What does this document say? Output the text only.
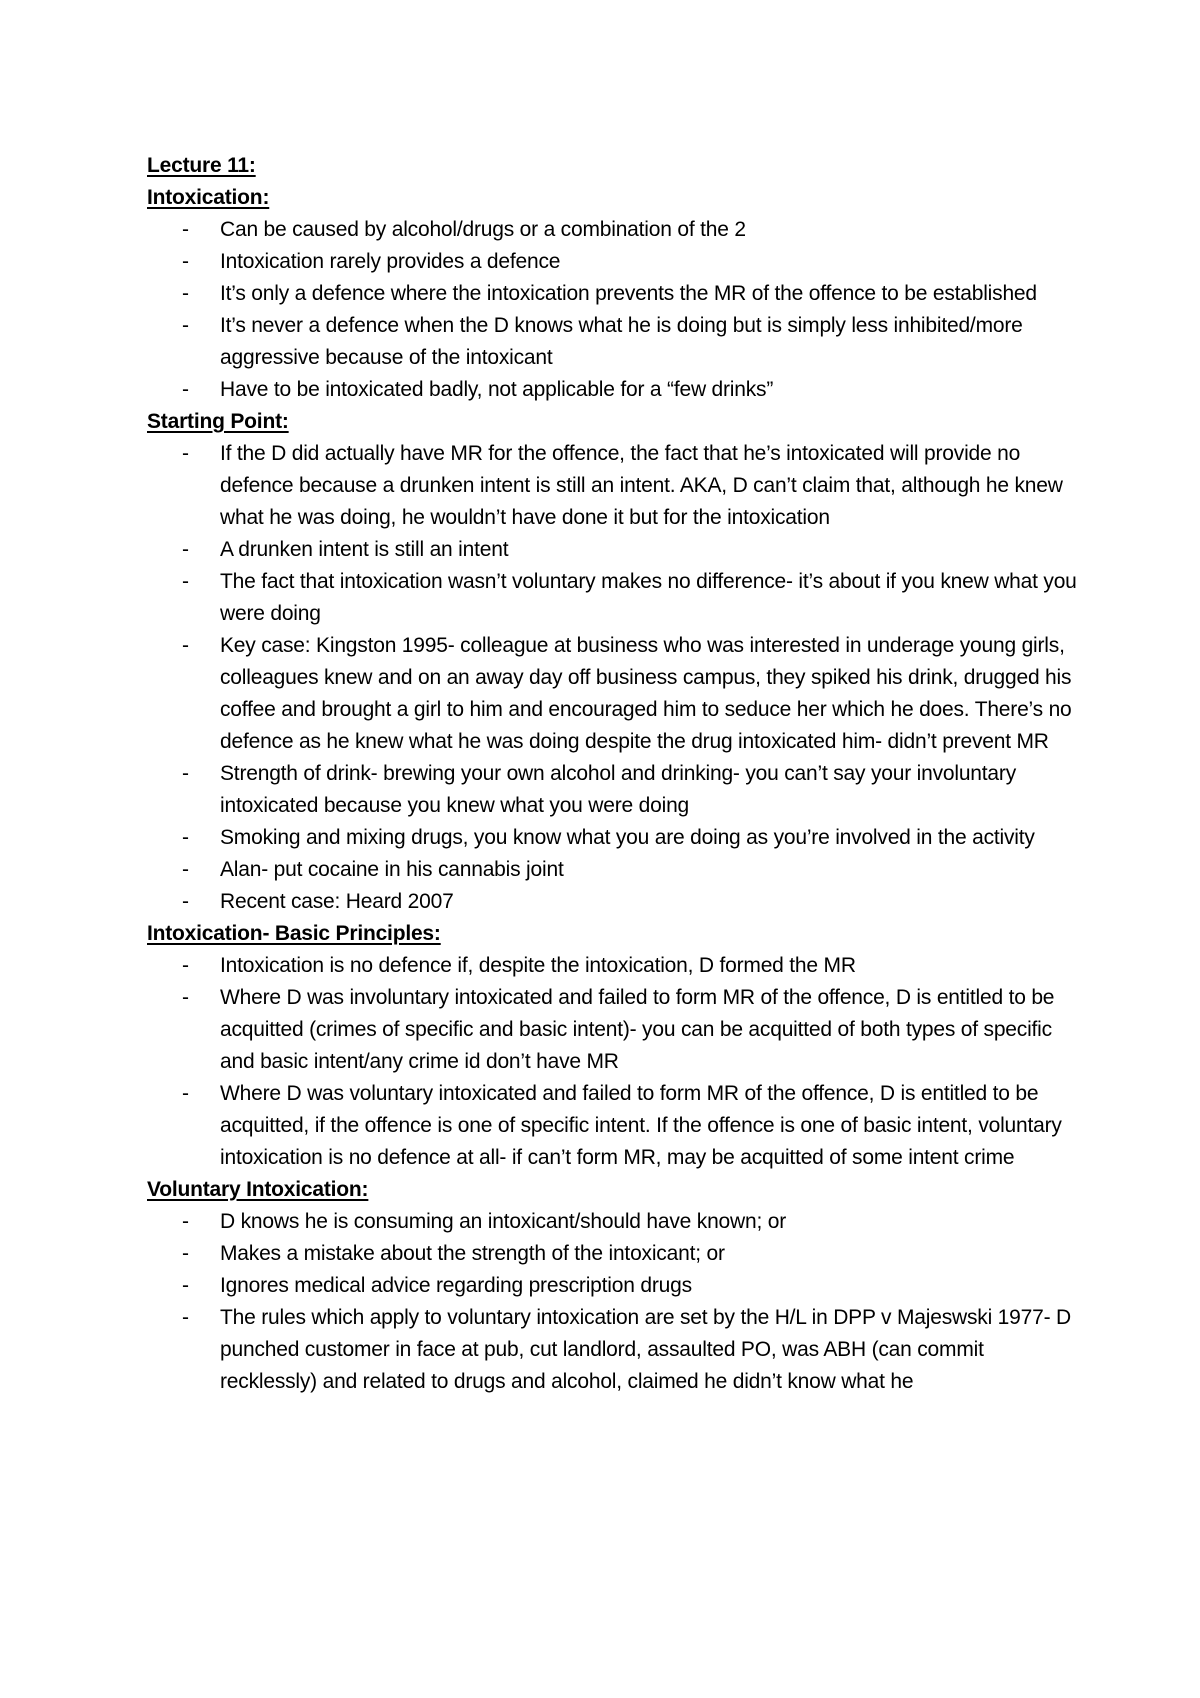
Lecture 11:
Intoxication:
- Can be caused by alcohol/drugs or a combination of the 2
- Intoxication rarely provides a defence
- It’s only a defence where the intoxication prevents the MR of the offence to be established
- It’s never a defence when the D knows what he is doing but is simply less inhibited/more aggressive because of the intoxicant
- Have to be intoxicated badly, not applicable for a “few drinks”
Starting Point:
- If the D did actually have MR for the offence, the fact that he’s intoxicated will provide no defence because a drunken intent is still an intent. AKA, D can’t claim that, although he knew what he was doing, he wouldn’t have done it but for the intoxication
- A drunken intent is still an intent
- The fact that intoxication wasn’t voluntary makes no difference- it’s about if you knew what you were doing
- Key case: Kingston 1995- colleague at business who was interested in underage young girls, colleagues knew and on an away day off business campus, they spiked his drink, drugged his coffee and brought a girl to him and encouraged him to seduce her which he does. There’s no defence as he knew what he was doing despite the drug intoxicated him- didn’t prevent MR
- Strength of drink- brewing your own alcohol and drinking- you can’t say your involuntary intoxicated because you knew what you were doing
- Smoking and mixing drugs, you know what you are doing as you’re involved in the activity
- Alan- put cocaine in his cannabis joint
- Recent case: Heard 2007
Intoxication- Basic Principles:
- Intoxication is no defence if, despite the intoxication, D formed the MR
- Where D was involuntary intoxicated and failed to form MR of the offence, D is entitled to be acquitted (crimes of specific and basic intent)- you can be acquitted of both types of specific and basic intent/any crime id don’t have MR
- Where D was voluntary intoxicated and failed to form MR of the offence, D is entitled to be acquitted, if the offence is one of specific intent. If the offence is one of basic intent, voluntary intoxication is no defence at all- if can’t form MR, may be acquitted of some intent crime
Voluntary Intoxication:
- D knows he is consuming an intoxicant/should have known; or
- Makes a mistake about the strength of the intoxicant; or
- Ignores medical advice regarding prescription drugs
- The rules which apply to voluntary intoxication are set by the H/L in DPP v Majeswski 1977- D punched customer in face at pub, cut landlord, assaulted PO, was ABH (can commit recklessly) and related to drugs and alcohol, claimed he didn’t know what he
